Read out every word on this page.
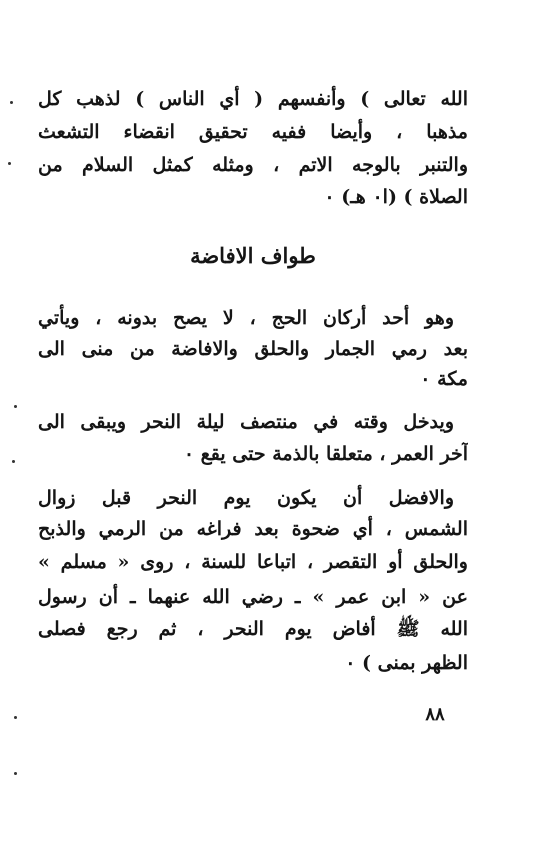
الله تعالى ) وأنفسهم ( أي الناس ) لذهب كل
مذهبا ، وأيضا ففيه تحقيق انقضاء التشعث
والتنبر بالوجه الاتم ، ومثله كمثل السلام من
الصلاة ) (ا٠ هـ) ٠
طواف الافاضة
وهو أحد أركان الحج ، لا يصح بدونه ، ويأتي
بعد رمي الجمار والحلق والافاضة من منى الى
مكة ٠
ويدخل وقته في منتصف ليلة النحر ويبقى الى
آخر العمر ، متعلقا بالذمة حتى يقع ٠
والافضل أن يكون يوم النحر قبل زوال
الشمس ، أي ضحوة بعد فراغه من الرمي والذبح
والحلق أو التقصر ، اتباعا للسنة ، روى « مسلم »
عن « ابن عمر » ـ رضي الله عنهما ـ أن رسول
الله ﷺ أفاض يوم النحر ، ثم رجع فصلى
الظهر بمنى ) ٠
٨٨
